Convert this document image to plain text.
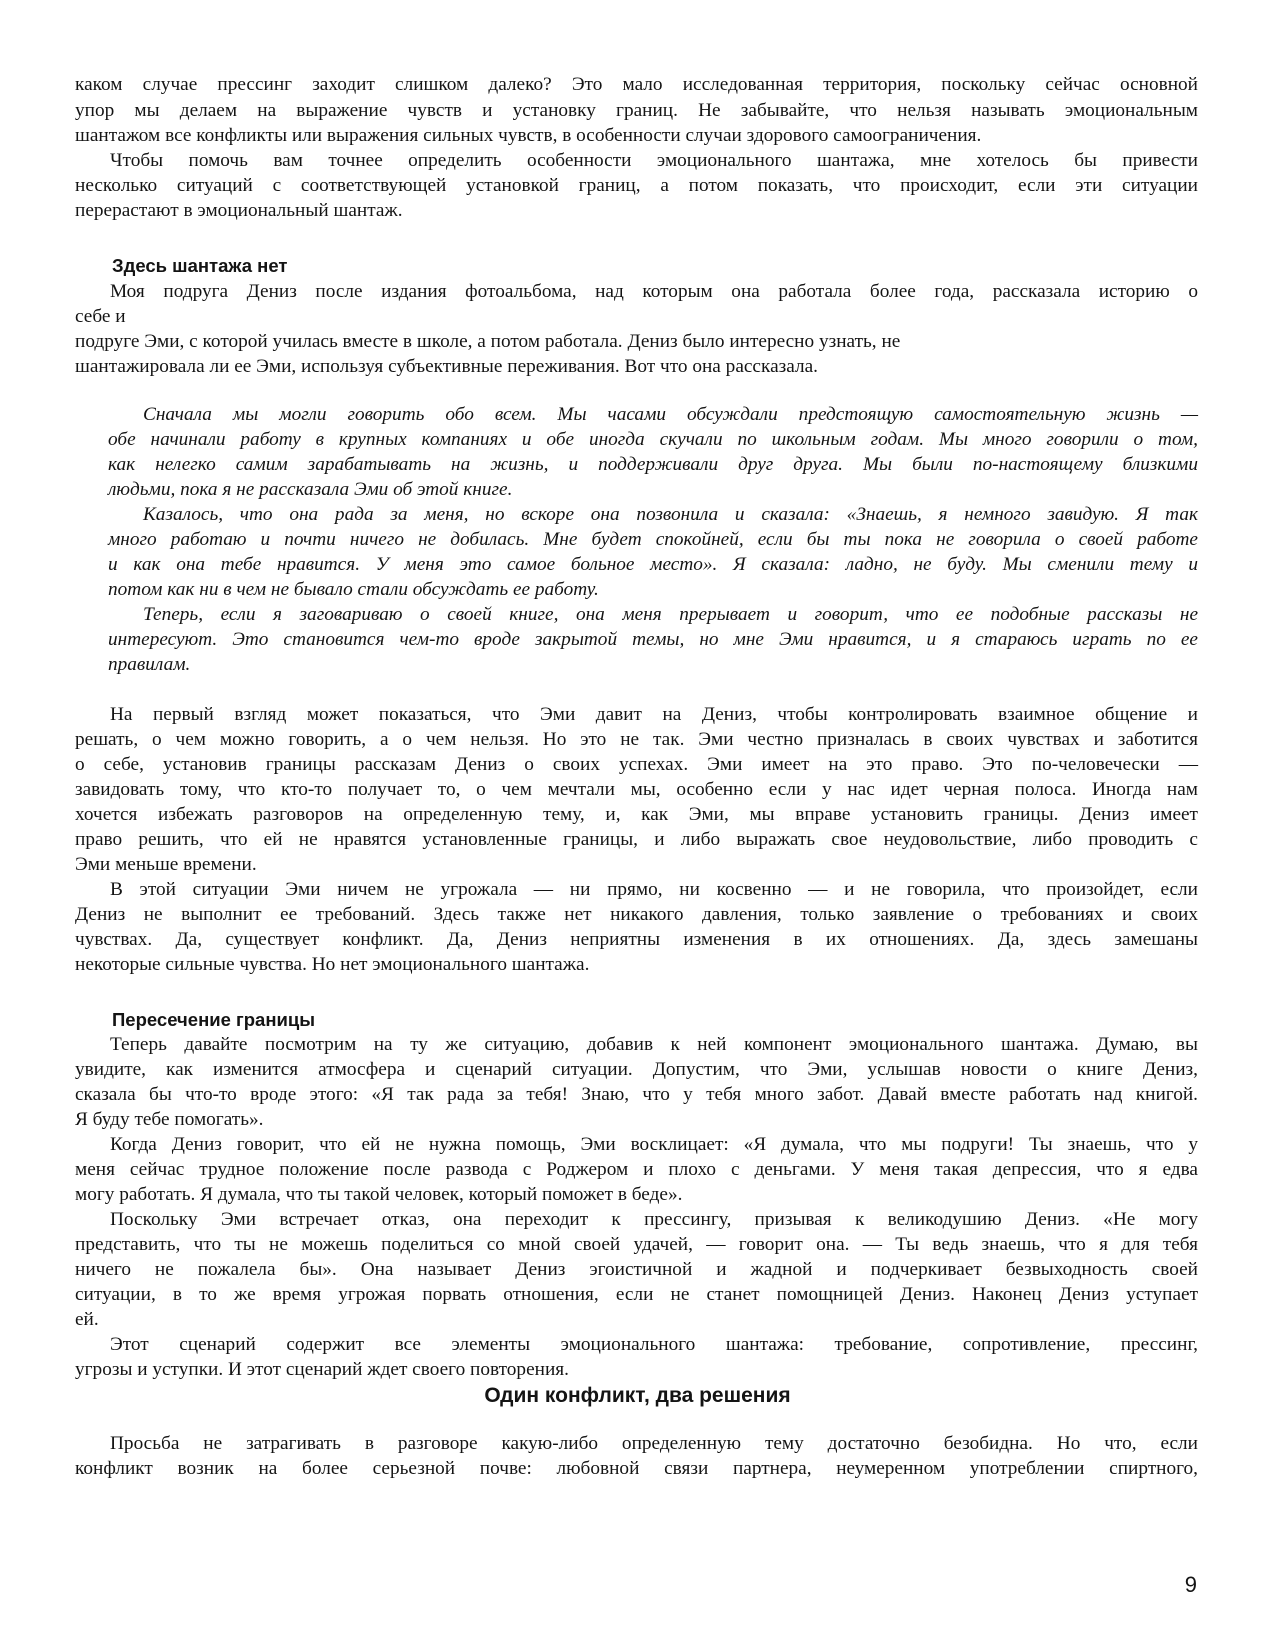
каком случае прессинг заходит слишком далеко? Это мало исследованная территория, поскольку сейчас основной
упор мы делаем на выражение чувств и установку границ. Не забывайте, что нельзя называть эмоциональным
шантажом все конфликты или выражения сильных чувств, в особенности случаи здорового самоограничения.
Чтобы помочь вам точнее определить особенности эмоционального шантажа, мне хотелось бы привести
несколько ситуаций с соответствующей установкой границ, а потом показать, что происходит, если эти ситуации
перерастают в эмоциональный шантаж.
Здесь шантажа нет
Моя подруга Дениз после издания фотоальбома, над которым она работала более года, рассказала историю о
себе и
подруге Эми, с которой училась вместе в школе, а потом работала. Дениз было интересно узнать, не
шантажировала ли ее Эми, используя субъективные переживания. Вот что она рассказала.
Сначала мы могли говорить обо всем. Мы часами обсуждали предстоящую самостоятельную жизнь —
обе начинали работу в крупных компаниях и обе иногда скучали по школьным годам. Мы много говорили о том,
как нелегко самим зарабатывать на жизнь, и поддерживали друг друга. Мы были по-настоящему близкими
людьми, пока я не рассказала Эми об этой книге.
Казалось, что она рада за меня, но вскоре она позвонила и сказала: «Знаешь, я немного завидую. Я так
много работаю и почти ничего не добилась. Мне будет спокойней, если бы ты пока не говорила о своей работе
и как она тебе нравится. У меня это самое больное место». Я сказала: ладно, не буду. Мы сменили тему и
потом как ни в чем не бывало стали обсуждать ее работу.
Теперь, если я заговариваю о своей книге, она меня прерывает и говорит, что ее подобные рассказы не
интересуют. Это становится чем-то вроде закрытой темы, но мне Эми нравится, и я стараюсь играть по ее
правилам.
На первый взгляд может показаться, что Эми давит на Дениз, чтобы контролировать взаимное общение и
решать, о чем можно говорить, а о чем нельзя. Но это не так. Эми честно призналась в своих чувствах и заботится
о себе, установив границы рассказам Дениз о своих успехах. Эми имеет на это право. Это по-человечески —
завидовать тому, что кто-то получает то, о чем мечтали мы, особенно если у нас идет черная полоса. Иногда нам
хочется избежать разговоров на определенную тему, и, как Эми, мы вправе установить границы. Дениз имеет
право решить, что ей не нравятся установленные границы, и либо выражать свое неудовольствие, либо проводить с
Эми меньше времени.
В этой ситуации Эми ничем не угрожала — ни прямо, ни косвенно — и не говорила, что произойдет, если
Дениз не выполнит ее требований. Здесь также нет никакого давления, только заявление о требованиях и своих
чувствах. Да, существует конфликт. Да, Дениз неприятны изменения в их отношениях. Да, здесь замешаны
некоторые сильные чувства. Но нет эмоционального шантажа.
Пересечение границы
Теперь давайте посмотрим на ту же ситуацию, добавив к ней компонент эмоционального шантажа. Думаю, вы
увидите, как изменится атмосфера и сценарий ситуации. Допустим, что Эми, услышав новости о книге Дениз,
сказала бы что-то вроде этого: «Я так рада за тебя! Знаю, что у тебя много забот. Давай вместе работать над книгой.
Я буду тебе помогать».
Когда Дениз говорит, что ей не нужна помощь, Эми восклицает: «Я думала, что мы подруги! Ты знаешь, что у
меня сейчас трудное положение после развода с Роджером и плохо с деньгами. У меня такая депрессия, что я едва
могу работать. Я думала, что ты такой человек, который поможет в беде».
Поскольку Эми встречает отказ, она переходит к прессингу, призывая к великодушию Дениз. «Не могу
представить, что ты не можешь поделиться со мной своей удачей, — говорит она. — Ты ведь знаешь, что я для тебя
ничего не пожалела бы». Она называет Дениз эгоистичной и жадной и подчеркивает безвыходность своей
ситуации, в то же время угрожая порвать отношения, если не станет помощницей Дениз. Наконец Дениз уступает
ей.
Этот сценарий содержит все элементы эмоционального шантажа: требование, сопротивление, прессинг,
угрозы и уступки. И этот сценарий ждет своего повторения.
Один конфликт, два решения
Просьба не затрагивать в разговоре какую-либо определенную тему достаточно безобидна. Но что, если
конфликт возник на более серьезной почве: любовной связи партнера, неумеренном употреблении спиртного,
9
